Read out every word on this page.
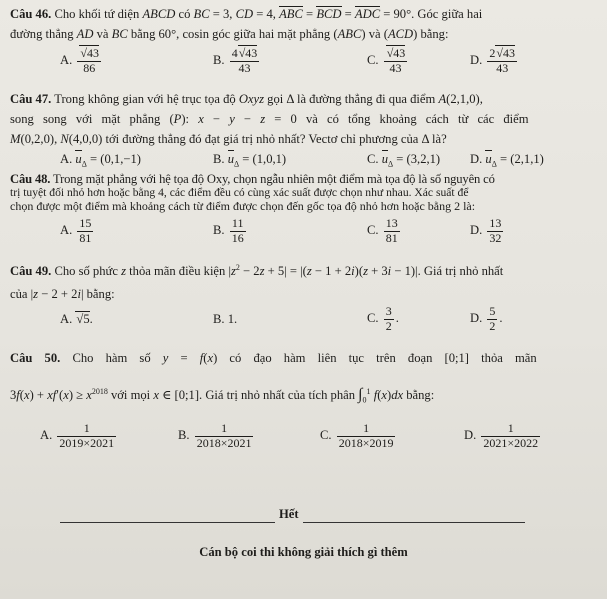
Câu 46. Cho khối tứ diện ABCD có BC = 3, CD = 4, ABC = BCD = ADC = 90°. Góc giữa hai
đường thẳng AD và BC bằng 60°, cosin góc giữa hai mặt phẳng (ABC) và (ACD) bằng:
A. $\frac{√43}{86}$	B. $\frac{4√43}{43}$	C. $\frac{√43}{43}$	D. $\frac{2√43}{43}$
Câu 47. Trong không gian với hệ trục tọa độ Oxyz gọi Δ là đường thẳng đi qua điểm A(2,1,0),
song song với mặt phẳng (P): x − y − z = 0 và có tổng khoảng cách từ các điểm
M(0,2,0), N(4,0,0) tới đường thẳng đó đạt giá trị nhỏ nhất? Vectơ chỉ phương của Δ là?
A. $u_\Delta = (0,1,-1)$	B. $u_\Delta = (1,0,1)$	C. $u_\Delta = (3,2,1)$ D. $u_\Delta = (2,1,1)$
Câu 48. Trong mặt phẳng với hệ tọa độ Oxy, chọn ngẫu nhiên một điểm mà tọa độ là số nguyên có
trị tuyệt đối nhỏ hơn hoặc bằng 4, các điểm đều có cùng xác suất được chọn như nhau. Xác suất để
chọn được một điểm mà khoảng cách từ điểm được chọn đến gốc tọa độ nhỏ hơn hoặc bằng 2 là:
A. $\frac{15}{81}$	B. $\frac{11}{16}$	C. $\frac{13}{81}$	D. $\frac{13}{32}$
Câu 49. Cho số phức z thỏa mãn điều kiện $|z^2 - 2z + 5| = |(z - 1 + 2i)(z + 3i - 1)|$. Giá trị nhỏ nhất
của |z − 2 + 2i| bằng:
A. √5.	B. 1.	C. $\frac{3}{2}$ .	D. $\frac{5}{2}$ .
Câu 50. Cho hàm số y = f(x) có đạo hàm liên tục trên đoạn [0;1] thỏa mãn
$3f(x) + xf'(x) \ge x^{2018}$ với mọi x ∈ [0;1]. Giá trị nhỏ nhất của tích phân $\int_0^1$ f(x)dx bằng:
A. $\frac{1}{2019\times 2021}$	B. $\frac{1}{2018\times 2021}$	C. $\frac{1}{2018\times 2019}$	D. $\frac{1}{2021\times 2022}$
Hết
Cán bộ coi thi không giải thích gì thêm
